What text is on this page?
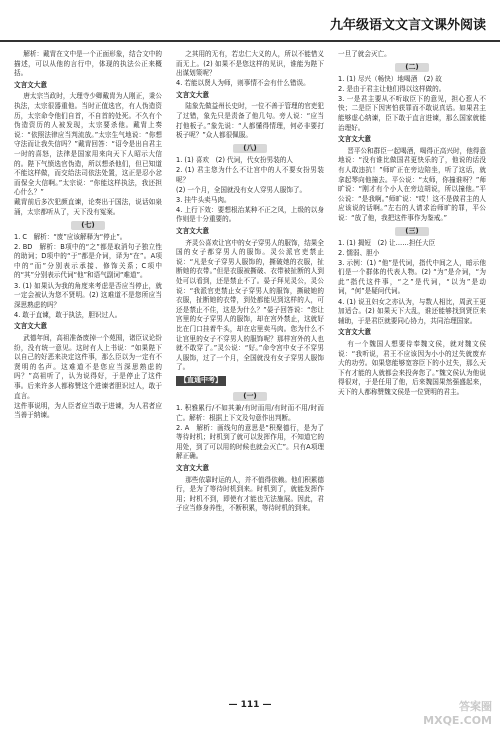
九年级语文文言文课外阅读

解析：戴胄在文中是一个正面形象，结合文中的描述，可以从他的言行中，体现的执法公正来概括。

文言文大意

唐太宗当政时，大理寺少卿戴胄为人刚正，秉公执法，太宗很器重他。当时正值选官，有人伪造资历，太宗命令他们自首，不自首的处死。不久有个伪造资历的人被发现，太宗要杀他。戴胄上奏说：“依照法律应当判流放。”太宗生气地说：“你想守法而让我失信吗？”戴胄回答：“诏令是出自君主一时的喜怒，法律是国家用来向天下人昭示大信的。陛下气愤选官伪造，所以想杀他们，但已知道不能这样做，而交给法司依法处置，这正是忍小忿而保全大信啊。”太宗说：“你能这样执法，我还担心什么？”

戴胄前后多次犯颜直谏，论奏出于国法，说话如泉涌，太宗都听从了，天下没有冤案。

(七)

1. C　解析：“废”应该解释为“停止”。

2. BD　解析：B项中的“之”都是取消句子独立性的助词；D项中的“于”都是介词，译为“在”。A项中的“而”分别表示承接、修饰关系；C项中的“其”分别表示代词“他”和语气副词“难道”。

3. (1) 如果认为我的角度来考虑是否应当停止，就一定会被认为您不贤明。(2) 这难道不是您所应当深思熟虑的吗？

4. 敢于直谏，敢于执法，胆识过人。

文言文大意

武德年间，高祖准备废掉一个苑囿，诸臣议论纷纷，没有统一意见。这时有人上书说：“如果陛下以自己的好恶来决定这件事，那么臣以为一定有不贤明的名声。这难道不是您应当深思熟虑的吗？”高祖听了，认为说得好，于是停止了这件事。后来许多人都称赞这个进谏者胆识过人，敢于直言。

这件事说明，为人臣者应当敢于进谏，为人君者应当善于纳谏。

之其用的无有，若忠仁大义的人，所以不能惜义而无上。(2) 如果不是您这样的见识，谁能为陛下出谋划策呢？

4. 若能以贤人为师，则事情不会有什么错误。

文言文大意

陆象先做益州长史时，一位不善于管理的官吏犯了过错，象先只是责备了他几句。旁人说：“应当打他板子。”象先说：“人都懂得情理，何必非要打板子呢？”众人都很佩服。

(八)

1. (1) 喜欢　(2) 代词，代女扮男装的人

2. (1) 君主您为什么不让宫中的人不要女扮男装呢？

(2) 一个月，全国就没有女人穿男人服饰了。

3. 挂牛头卖马肉。

4. 上行下效：要想根治某种不正之风，上级的以身作则是十分重要的。

文言文大意

齐灵公喜欢让宫中的女子穿男人的服饰，结果全国的女子都穿男人的服饰。灵公派官吏禁止说：“凡是女子穿男人服饰的，撕破她的衣服，扯断她的衣带。”但是衣服被撕破、衣带被扯断的人到处可以看到，还是禁止不了。晏子拜见灵公，灵公说：“我派官吏禁止女子穿男人的服饰，撕破她的衣服，扯断她的衣带，到处都能见到这样的人，可还是禁止不住，这是为什么？”晏子回答说：“您让宫里的女子穿男人的服饰，却在宫外禁止，这就好比在门口挂着牛头，却在店里卖马肉。您为什么不让宫里的女子不穿男人的服饰呢？那样宫外的人也就不敢穿了。”灵公说：“好。”命令宫中女子不穿男人服饰，过了一个月，全国就没有女子穿男人服饰了。

【直通中考】
(一)

1. 积雅累行/不如其兼/有时而用/有时而不用/时而亡。解析：根据上下文及句意作出判断。

2. A　解析：画线句的意思是“积聚德行，是为了等待时机；时机到了就可以发挥作用，不知道它的用处，到了可以用的时候也就会灭亡”。只有A项理解正确。

文言文大意

那些依靠时运的人，并不值得依赖。他们积累德行，是为了等待时机到来。时机到了，就能发挥作用；时机不到，即使有才能也无法施展。因此，君子应当修身养性，不断积累，等待时机的到来。

一旦了就会灭亡。

(二)

1. (1) 尽兴（畅快）地喝酒　(2) 故

2. 是由于君主让他们得以这样做的。

3. 一是君主要从不听取臣下的意见，担心惹人不快；二是臣下因害怕获罪而不敢说真话。如果君主能够虚心纳谏，臣下敢于直言进谏，那么国家就能治理好。

文言文大意

晋平公和群臣一起喝酒，喝得正高兴时，他得意地说：“没有谁比做国君更快乐的了，他说的话没有人敢违抗！”师旷正在旁边陪坐，听了这话，就拿起琴向他撞去。平公说：“太师，你撞谁呀？”师旷说：“刚才有个小人在旁边胡说，所以撞他。”平公说：“是我啊。”师旷说：“哎！这不是做君主的人应该说的话啊。”左右的人请求治师旷的罪，平公说：“放了他，我把这件事作为鉴戒。”

(三)

1. (1) 揭短　(2) 让……担任大臣

2. 懦弱、胆小

3. 示例：(1) “他”是代词，指代中间之人，暗示他们是一个群体的代表人物。(2) “为”是介词，“为此”指代这件事，“之”是代词，“以为”是动词，“何”是疑问代词。

4. (1) 说丑妇女之亦认为，与数人相比，周武王更加适合。(2) 如果天下大乱，谁还能够找到贤臣来辅助，于是君臣就要同心协力，共同治理国家。

文言文大意

有一个魏国人想要侍奉魏文侯，就对魏文侯说：“我听说，君王不应该因为小小的过失就废弃大的功劳。如果您能够宽容臣下的小过失，那么天下有才能的人就都会来投奔您了。”魏文侯认为他说得很对，于是任用了他，后来魏国果然强盛起来，天下的人都称赞魏文侯是一位贤明的君主。

— 111 —	答案圈
MXQE.COM
